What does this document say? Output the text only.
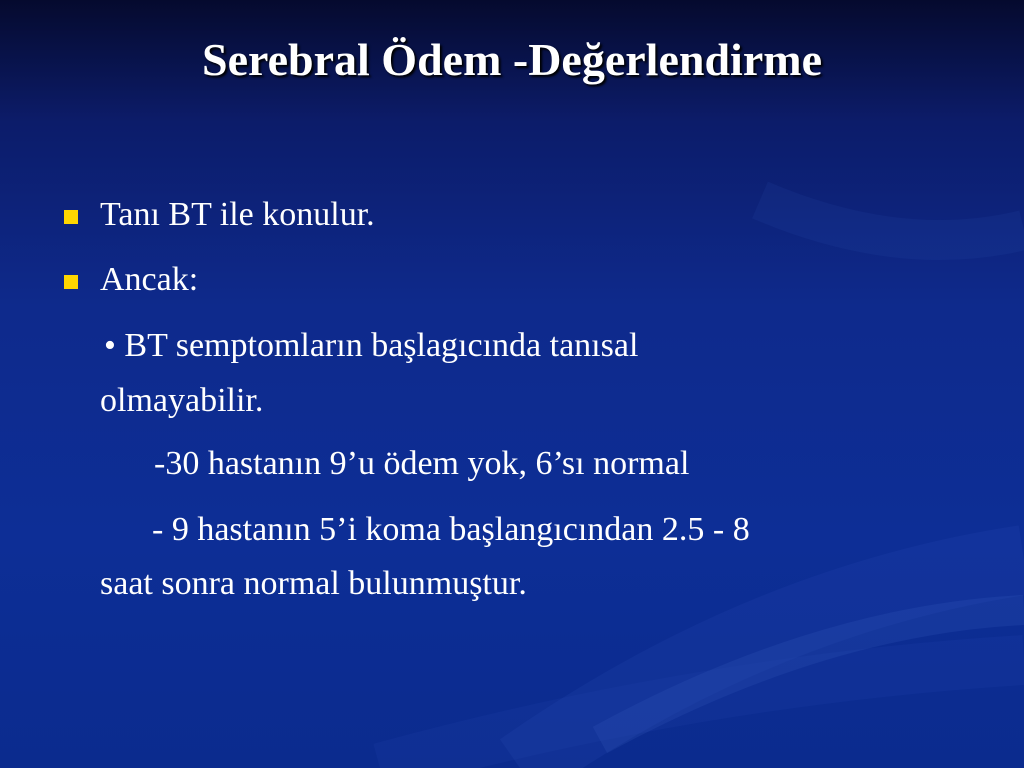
Serebral Ödem -Değerlendirme
Tanı BT ile konulur.
Ancak:
• BT semptomların başlagıcında tanısal
olmayabilir.
-30 hastanın 9’u ödem yok, 6’sı normal
- 9 hastanın 5’i koma başlangıcından 2.5 - 8
saat sonra normal bulunmuştur.
